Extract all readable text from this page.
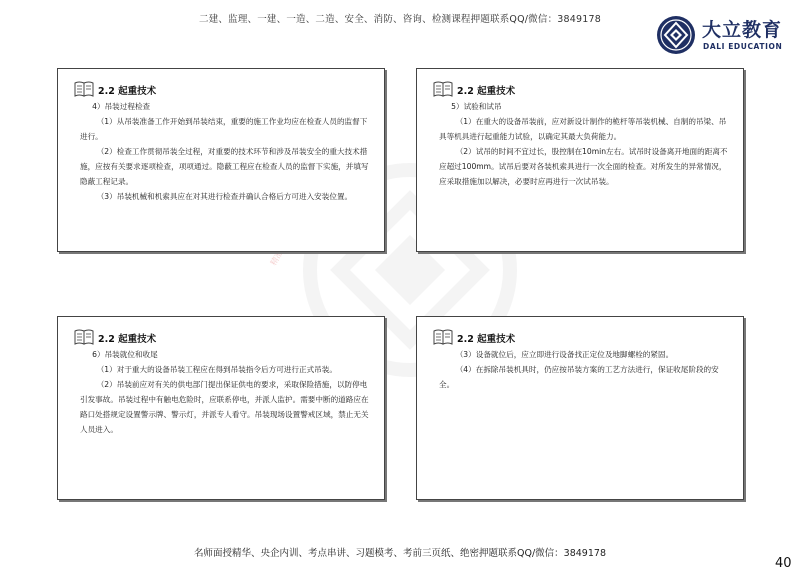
二建、监理、一建、一造、二造、安全、消防、咨询、检测课程押题联系QQ/微信：3849178	大立教育
DALI EDUCATION
2.2 起重技术

4）吊装过程检查

（1）从吊装准备工作开始到吊装结束，重要的施工作业均应在检查人员的监督下进行。

（2）检查工作贯彻吊装全过程，对重要的技术环节和涉及吊装安全的重大技术措施，应按有关要求逐项检查，项项通过。隐蔽工程应在检查人员的监督下实施，并填写隐蔽工程记录。

（3）吊装机械和机索具应在对其进行检查并确认合格后方可进入安装位置。

2.2 起重技术

5）试验和试吊

（1）在重大的设备吊装前，应对新设计制作的桅杆等吊装机械、自制的吊梁、吊具等机具进行起重能力试验，以确定其最大负荷能力。

（2）试吊的时间不宜过长，股控制在10min左右。试吊时设备离开地面的距离不应超过100mm。试吊后要对各装机索具进行一次全面的检查。对所发生的异常情况，应采取措施加以解决，必要时应再进行一次试吊装。

2.2 起重技术

6）吊装就位和收尾

（1）对于重大的设备吊装工程应在得到吊装指令后方可进行正式吊装。

（2）吊装前应对有关的供电部门提出保证供电的要求，采取保险措施，以防停电引发事故。吊装过程中有触电危险时，应联系停电，并派人监护。需要中断的道路应在路口处搭规定设置警示牌、警示灯，并派专人看守。吊装现场设置警戒区域，禁止无关人员进入。

2.2 起重技术

（3）设备就位后，应立即进行设备找正定位及地脚螺栓的紧固。

（4）在拆除吊装机具时，仍应按吊装方案的工艺方法进行，保证收尾阶段的安全。

名师面授精华、央企内训、考点串讲、习题模考、考前三页纸、绝密押题联系QQ/微信：3849178
40
